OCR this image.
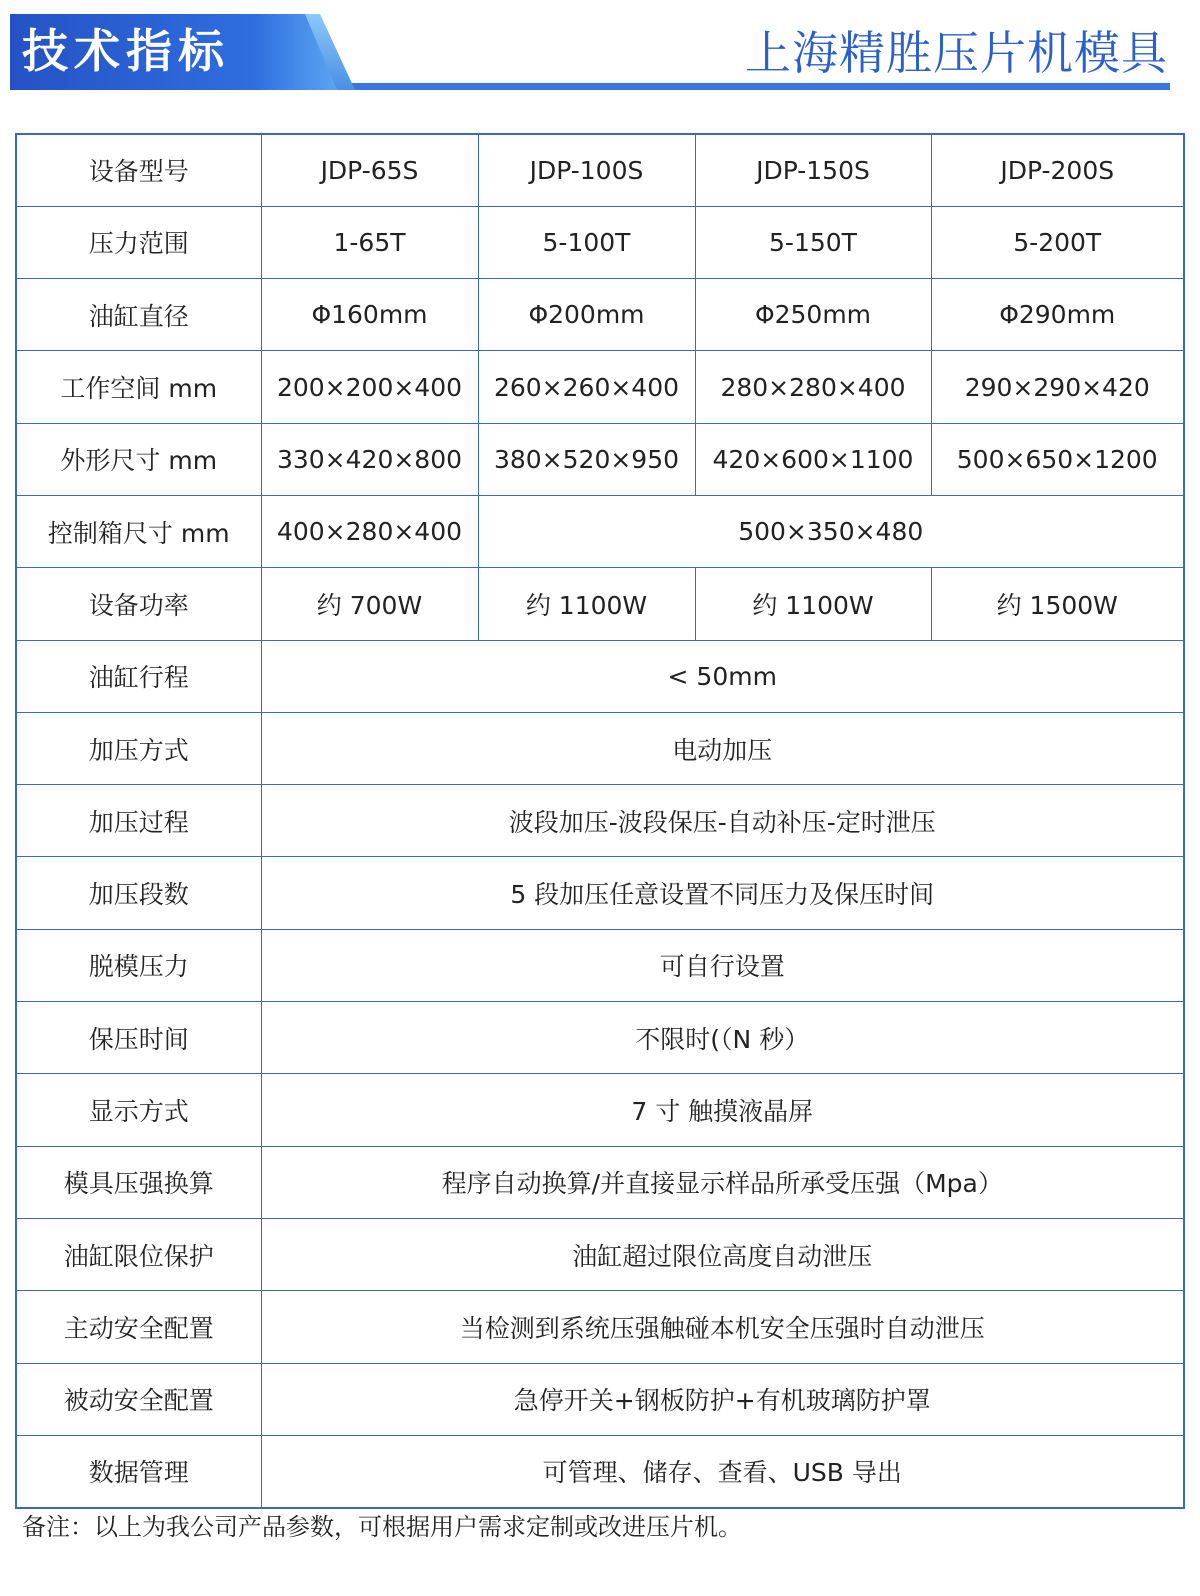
技术指标	上海精胜压片机模具
设备型号	JDP-65S	JDP-100S	JDP-150S	JDP-200S
压力范围	1-65T	5-100T	5-150T	5-200T
油缸直径	Φ160mm	Φ200mm	Φ250mm	Φ290mm
工作空间 mm	200×200×400	260×260×400	280×280×400	290×290×420
外形尺寸 mm	330×420×800	380×520×950	420×600×1100	500×650×1200
控制箱尺寸 mm	400×280×400	500×350×480		
设备功率	约 700W	约 1100W	约 1100W	约 1500W
油缸行程	< 50mm			
加压方式	电动加压			
加压过程	波段加压-波段保压-自动补压-定时泄压			
加压段数	5 段加压任意设置不同压力及保压时间			
脱模压力	可自行设置			
保压时间	不限时(（N 秒）			
显示方式	7 寸 触摸液晶屏			
模具压强换算	程序自动换算/并直接显示样品所承受压强（Mpa）			
油缸限位保护	油缸超过限位高度自动泄压			
主动安全配置	当检测到系统压强触碰本机安全压强时自动泄压			
被动安全配置	急停开关+钢板防护+有机玻璃防护罩			
数据管理	可管理、储存、查看、USB 导出			
备注：以上为我公司产品参数，可根据用户需求定制或改进压片机。
